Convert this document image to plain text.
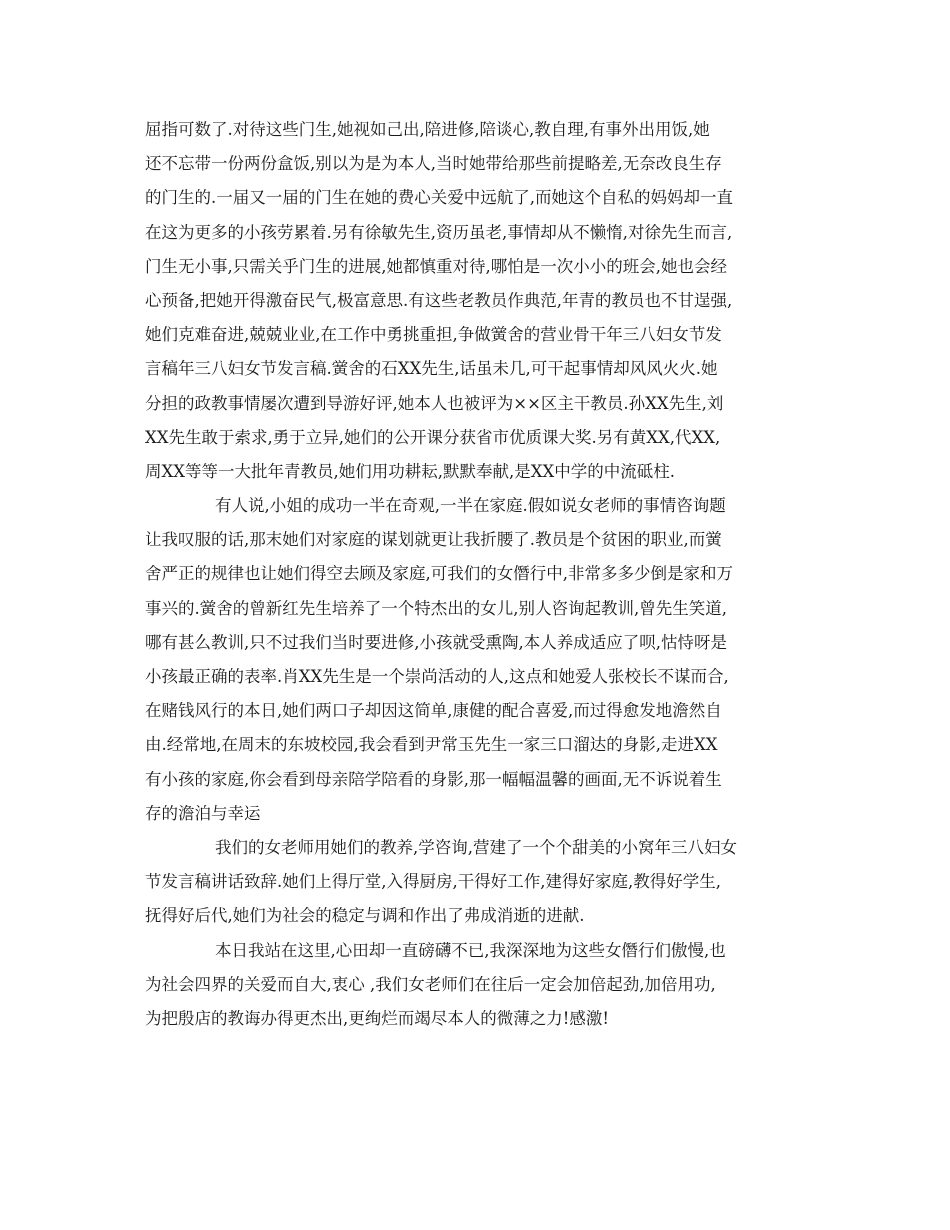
屈指可数了.对待这些门生,她视如己出,陪进修,陪谈心,教自理,有事外出用饭,她
还不忘带一份两份盒饭,别以为是为本人,当时她带给那些前提略差,无奈改良生存
的门生的.一届又一届的门生在她的费心关爱中远航了,而她这个自私的妈妈却一直
在这为更多的小孩劳累着.另有徐敏先生,资历虽老,事情却从不懒惰,对徐先生而言,
门生无小事,只需关乎门生的进展,她都慎重对待,哪怕是一次小小的班会,她也会经
心预备,把她开得激奋民气,极富意思.有这些老教员作典范,年青的教员也不甘逞强,
她们克难奋进,兢兢业业,在工作中勇挑重担,争做黉舍的营业骨干年三八妇女节发
言稿年三八妇女节发言稿.黉舍的石XX先生,话虽未几,可干起事情却风风火火.她
分担的政教事情屡次遭到导游好评,她本人也被评为××区主干教员.孙XX先生,刘
XX先生敢于索求,勇于立异,她们的公开课分获省市优质课大奖.另有黄XX,代XX,
周XX等等一大批年青教员,她们用功耕耘,默默奉献,是XX中学的中流砥柱.
有人说,小姐的成功一半在奇观,一半在家庭.假如说女老师的事情咨询题
让我叹服的话,那末她们对家庭的谋划就更让我折腰了.教员是个贫困的职业,而黉
舍严正的规律也让她们得空去顾及家庭,可我们的女僭行中,非常多多少倒是家和万
事兴的.黉舍的曾新红先生培养了一个特杰出的女儿,别人咨询起教训,曾先生笑道,
哪有甚么教训,只不过我们当时要进修,小孩就受熏陶,本人养成适应了呗,怙恃呀是
小孩最正确的表率.肖XX先生是一个崇尚活动的人,这点和她爱人张校长不谋而合,
在赌钱风行的本日,她们两口子却因这简单,康健的配合喜爱,而过得愈发地澹然自
由.经常地,在周末的东坡校园,我会看到尹常玉先生一家三口溜达的身影,走进XX
有小孩的家庭,你会看到母亲陪学陪看的身影,那一幅幅温馨的画面,无不诉说着生
存的澹泊与幸运
我们的女老师用她们的教养,学咨询,营建了一个个甜美的小窝年三八妇女
节发言稿讲话致辞.她们上得厅堂,入得厨房,干得好工作,建得好家庭,教得好学生,
抚得好后代,她们为社会的稳定与调和作出了弗成消逝的进献.
本日我站在这里,心田却一直磅礴不已,我深深地为这些女僭行们傲慢,也
为社会四界的关爱而自大,衷心 ,我们女老师们在往后一定会加倍起劲,加倍用功,
为把殷店的教诲办得更杰出,更绚烂而竭尽本人的微薄之力!感激!
